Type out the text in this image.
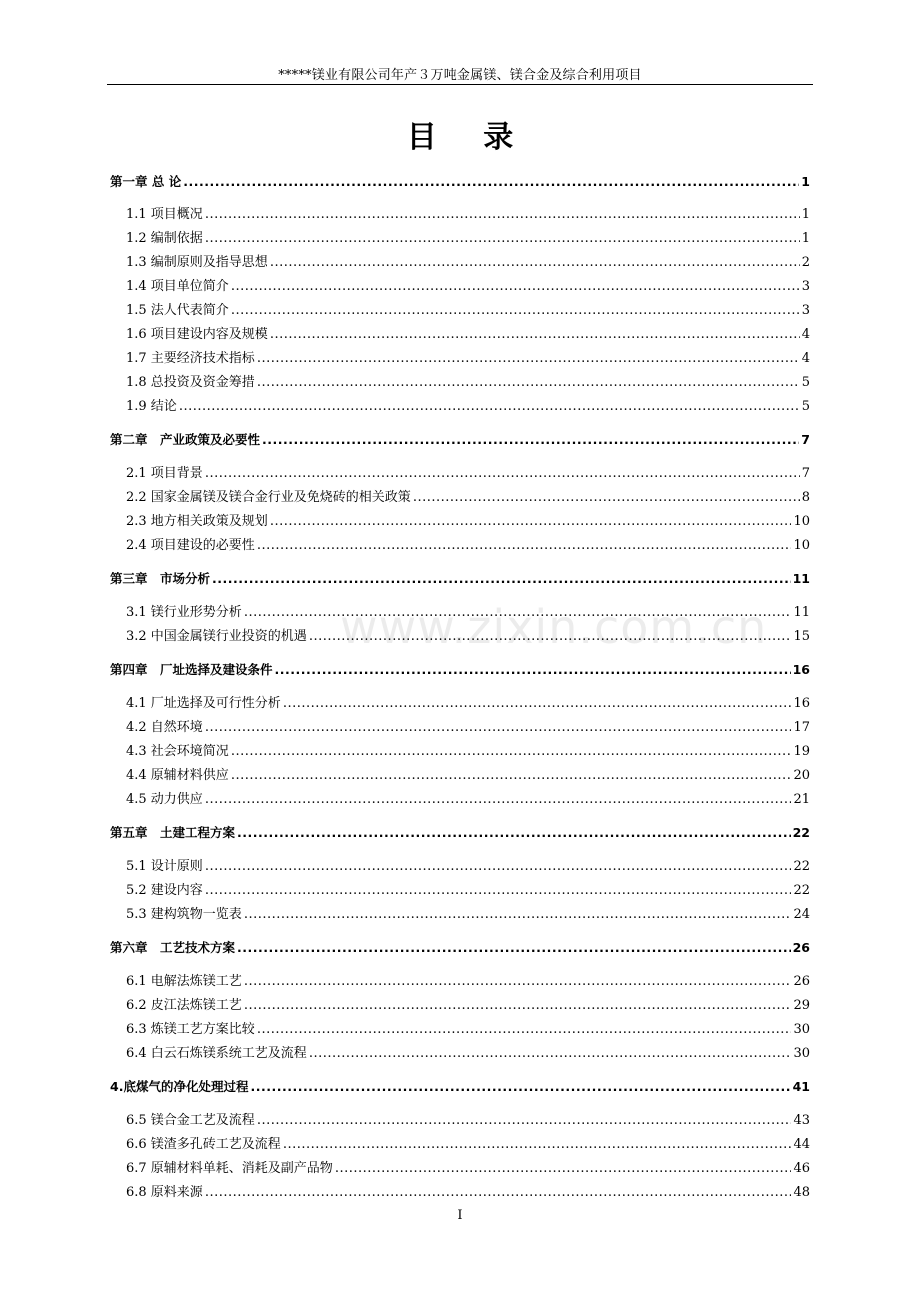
*****镁业有限公司年产３万吨金属镁、镁合金及综合利用项目
目 录
www.zixin.com.cn
第一章 总 论 .....	1
1.1 项目概况 .....	1
1.2 编制依据 .....	1
1.3 编制原则及指导思想 .....	2
1.4 项目单位简介 .....	3
1.5 法人代表简介 .....	3
1.6 项目建设内容及规模 .....	4
1.7 主要经济技术指标 .....	4
1.8 总投资及资金筹措 .....	5
1.9 结论 .....	5
第二章　产业政策及必要性 .....	7
2.1 项目背景 .....	7
2.2 国家金属镁及镁合金行业及免烧砖的相关政策 .....	8
2.3 地方相关政策及规划 .....	10
2.4 项目建设的必要性 .....	10
第三章　市场分析 .....	11
3.1 镁行业形势分析 .....	11
3.2 中国金属镁行业投资的机遇 .....	15
第四章　厂址选择及建设条件 .....	16
4.1 厂址选择及可行性分析 .....	16
4.2 自然环境 .....	17
4.3 社会环境简况 .....	19
4.4 原辅材料供应 .....	20
4.5 动力供应 .....	21
第五章　土建工程方案 .....	22
5.1 设计原则 .....	22
5.2 建设内容 .....	22
5.3 建构筑物一览表 .....	24
第六章　工艺技术方案 .....	26
6.1 电解法炼镁工艺 .....	26
6.2 皮江法炼镁工艺 .....	29
6.3 炼镁工艺方案比较 .....	30
6.4 白云石炼镁系统工艺及流程 .....	30
4.底煤气的净化处理过程 .....	41
6.5 镁合金工艺及流程 .....	43
6.6 镁渣多孔砖工艺及流程 .....	44
6.7 原辅材料单耗、消耗及副产品物 .....	46
6.8 原料来源 .....	48
I
